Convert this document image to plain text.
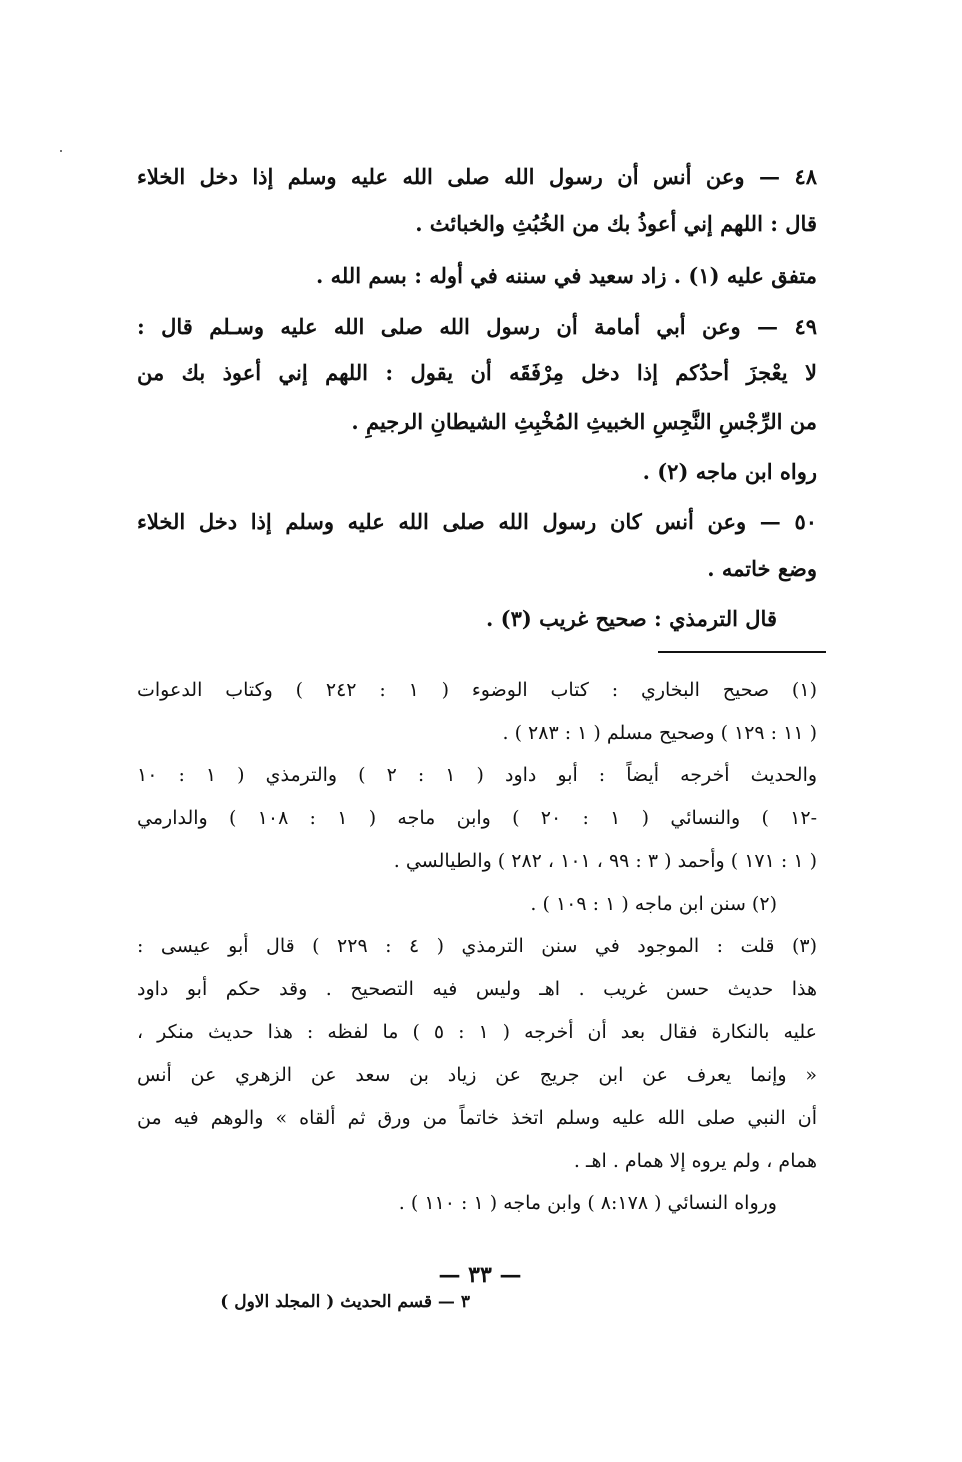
٤٨ — وعن أنس أن رسول الله صلى الله عليه وسلم إذا دخل الخلاء
قال : اللهم إني أعوذُ بك من الخُبُثِ والخبائث .
متفق عليه (١) . زاد سعيد في سننه في أوله : بسم الله .
٤٩ — وعن أبي أمامة أن رسول الله صلى الله عليه وسـلم قال :
لا يعْجزَ أحدُكم إذا دخل مِرْفَقَه أن يقول : اللهم إني أعوذ بك من
من الرِّجْسِ النَّجِسِ الخبيثِ المُخْبِثِ الشيطانِ الرجيمِ .
رواه ابن ماجه (٢) .
٥٠ — وعن أنس كان رسول الله صلى الله عليه وسلم إذا دخل الخلاء
وضع خاتمه .
قال الترمذي : صحيح غريب (٣) .
(١) صحيح البخاري : كتاب الوضوء ( ١ : ٢٤٢ ) وكتاب الدعوات
( ١١ : ١٢٩ ) وصحيح مسلم ( ١ : ٢٨٣ ) .
والحديث أخرجه أيضاً : أبو داود ( ١ : ٢ ) والترمذي ( ١ : ١٠
-١٢ ) والنسائي ( ١ : ٢٠ ) وابن ماجه ( ١ : ١٠٨ ) والدارمي
( ١ : ١٧١ ) وأحمد ( ٣ : ٩٩ ، ١٠١ ، ٢٨٢ ) والطيالسي .
(٢) سنن ابن ماجه ( ١ : ١٠٩ ) .
(٣) قلت : الموجود في سنن الترمذي ( ٤ : ٢٢٩ ) قال أبو عيسى :
هذا حديث حسن غريب . اهـ وليس فيه التصحيح . وقد حكم أبو داود
عليه بالنكارة فقال بعد أن أخرجه ( ١ : ٥ ) ما لفظه : هذا حديث منكر ،
« وإنما يعرف عن ابن جريج عن زياد بن سعد عن الزهري عن أنس
أن النبي صلى الله عليه وسلم اتخذ خاتماً من ورق ثم ألقاه » والوهم فيه من
همام ، ولم يروه إلا همام . اهـ .
ورواه النسائي ( ٨:١٧٨ ) وابن ماجه ( ١ : ١١٠ ) .
— ٣٣ —
٣ — قسم الحديث ( المجلد الاول )
